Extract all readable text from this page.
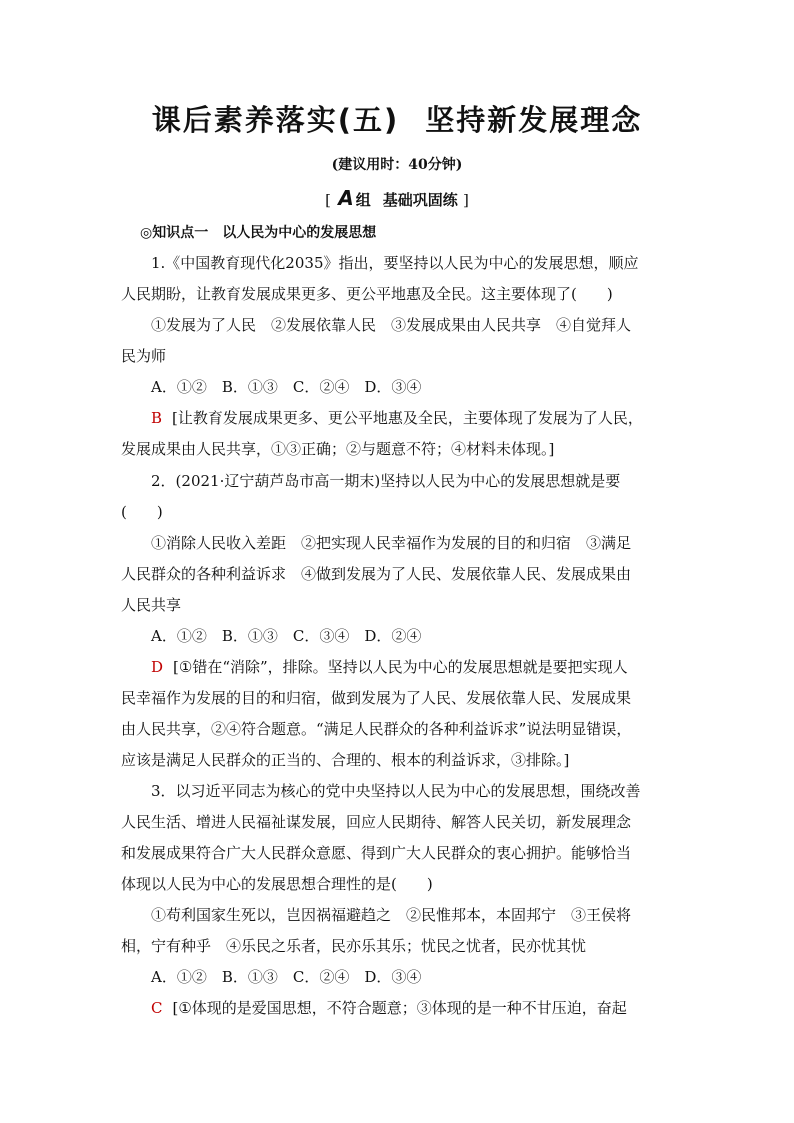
课后素养落实(五) 坚持新发展理念
(建议用时：40分钟)
[ A 组 基础巩固练 ]
◎知识点一 以人民为中心的发展思想
1.《中国教育现代化2035》指出，要坚持以人民为中心的发展思想，顺应
人民期盼，让教育发展成果更多、更公平地惠及全民。这主要体现了(　　)
①发展为了人民　②发展依靠人民　③发展成果由人民共享　④自觉拜人
民为师
A．①②　B．①③　C．②④　D．③④
B [让教育发展成果更多、更公平地惠及全民，主要体现了发展为了人民，
发展成果由人民共享，①③正确；②与题意不符；④材料未体现。]
2．(2021·辽宁葫芦岛市高一期末)坚持以人民为中心的发展思想就是要
(　　)
①消除人民收入差距　②把实现人民幸福作为发展的目的和归宿　③满足
人民群众的各种利益诉求　④做到发展为了人民、发展依靠人民、发展成果由
人民共享
A．①②　B．①③　C．③④　D．②④
D [①错在“消除”，排除。坚持以人民为中心的发展思想就是要把实现人
民幸福作为发展的目的和归宿，做到发展为了人民、发展依靠人民、发展成果
由人民共享，②④符合题意。“满足人民群众的各种利益诉求”说法明显错误，
应该是满足人民群众的正当的、合理的、根本的利益诉求，③排除。]
3．以习近平同志为核心的党中央坚持以人民为中心的发展思想，围绕改善
人民生活、增进人民福祉谋发展，回应人民期待、解答人民关切，新发展理念
和发展成果符合广大人民群众意愿、得到广大人民群众的衷心拥护。能够恰当
体现以人民为中心的发展思想合理性的是(　　)
①苟利国家生死以，岂因祸福避趋之　②民惟邦本，本固邦宁　③王侯将
相，宁有种乎　④乐民之乐者，民亦乐其乐；忧民之忧者，民亦忧其忧
A．①②　B．①③　C．②④　D．③④
C [①体现的是爱国思想，不符合题意；③体现的是一种不甘压迫，奋起
